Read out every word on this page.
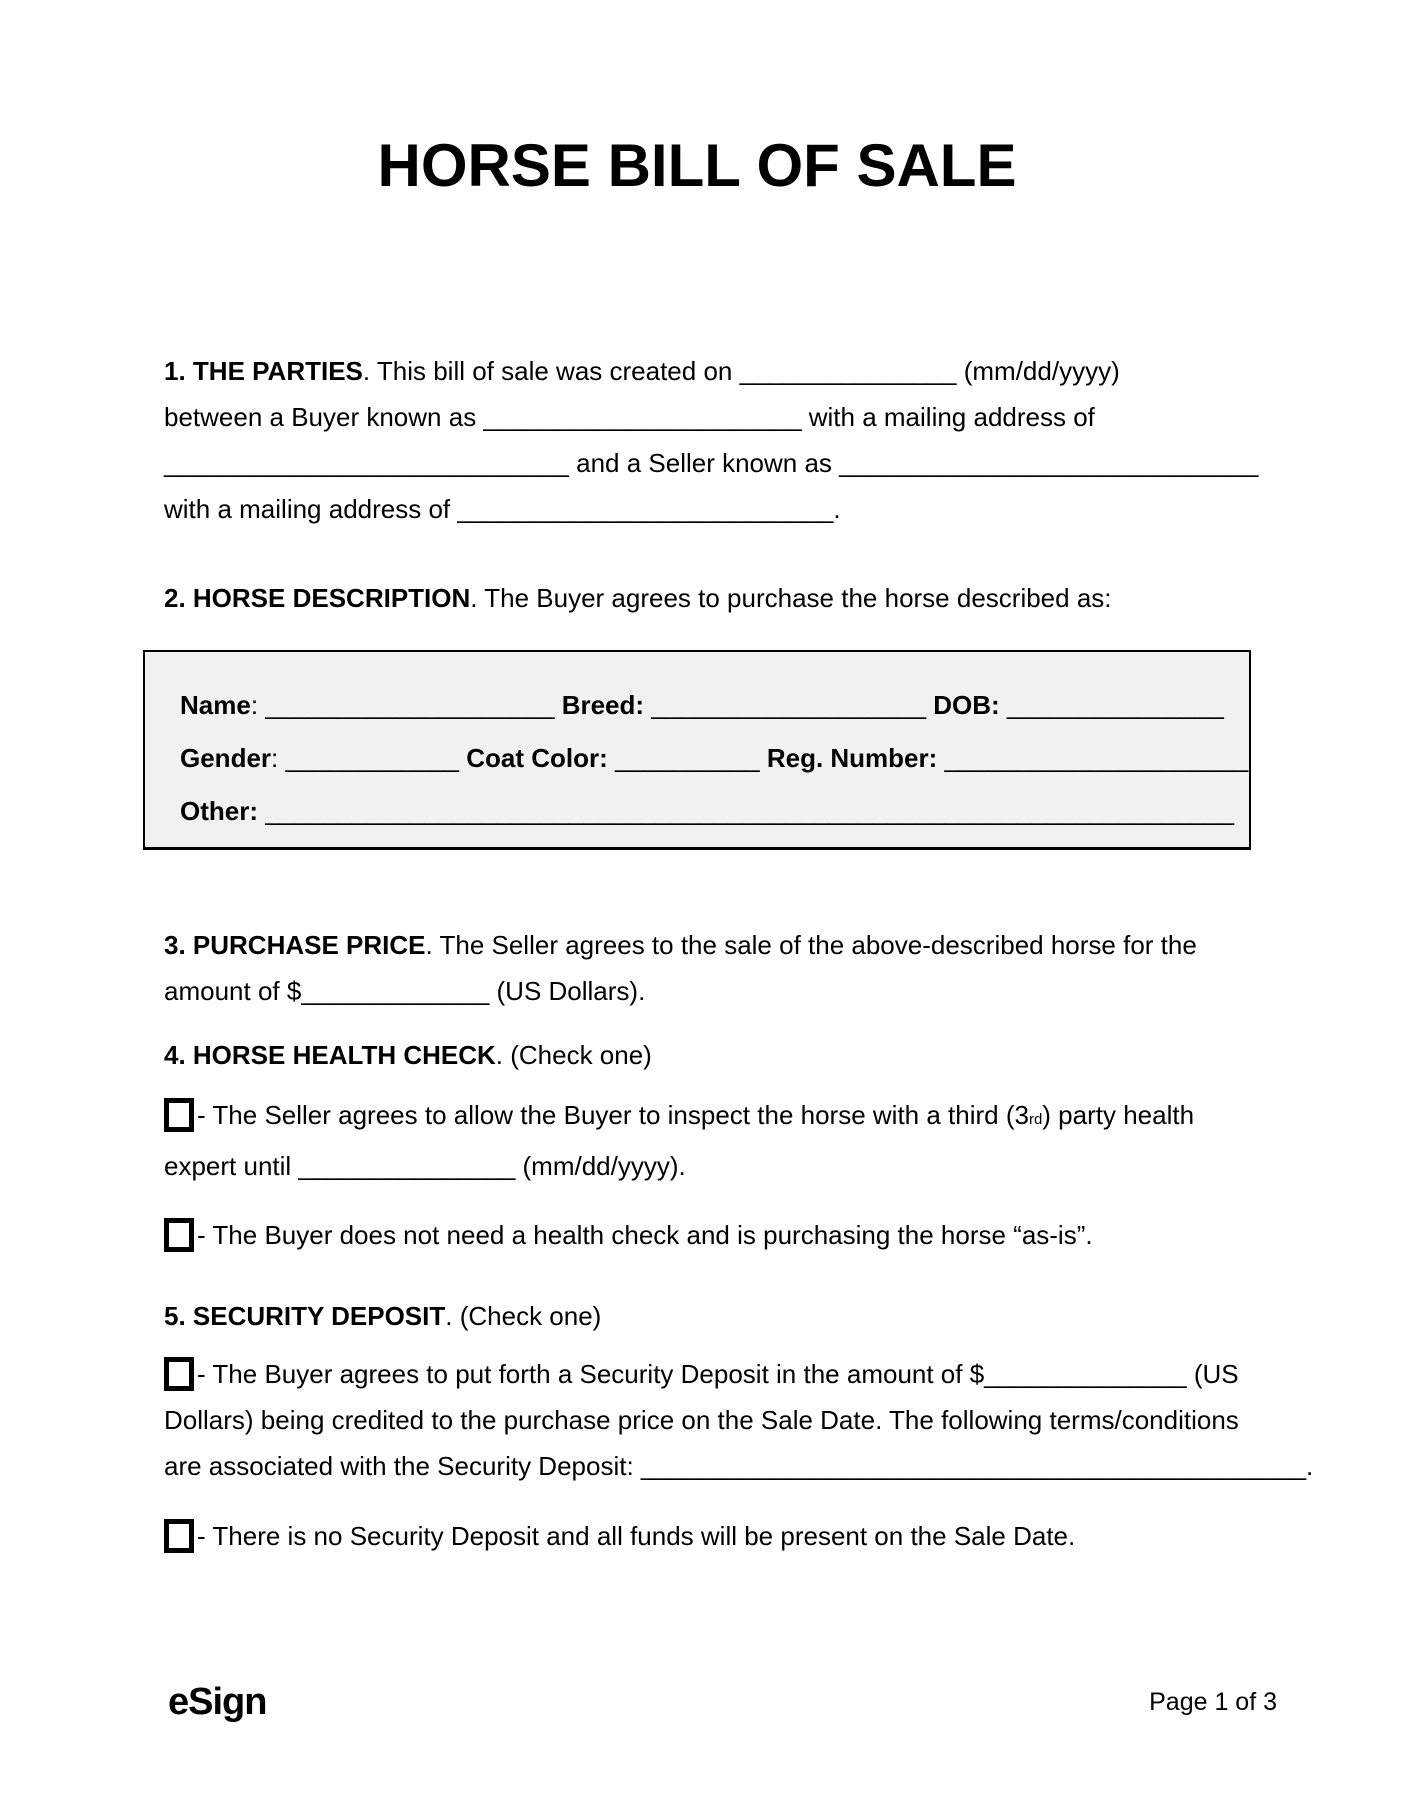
HORSE BILL OF SALE
1. THE PARTIES. This bill of sale was created on _______________ (mm/dd/yyyy)
between a Buyer known as ______________________ with a mailing address of
____________________________ and a Seller known as _____________________________
with a mailing address of __________________________.
2. HORSE DESCRIPTION. The Buyer agrees to purchase the horse described as:
Name: ____________________ Breed: ___________________ DOB: _______________
Gender: ____________ Coat Color: __________ Reg. Number: _____________________
Other: ___________________________________________________________________
3. PURCHASE PRICE. The Seller agrees to the sale of the above-described horse for the
amount of $_____________ (US Dollars).
4. HORSE HEALTH CHECK. (Check one)
- The Seller agrees to allow the Buyer to inspect the horse with a third (3rd) party health
expert until _______________ (mm/dd/yyyy).
- The Buyer does not need a health check and is purchasing the horse “as-is”.
5. SECURITY DEPOSIT. (Check one)
- The Buyer agrees to put forth a Security Deposit in the amount of $______________ (US
Dollars) being credited to the purchase price on the Sale Date. The following terms/conditions
are associated with the Security Deposit: ______________________________________________.
- There is no Security Deposit and all funds will be present on the Sale Date.
eSign	Page 1 of 3
